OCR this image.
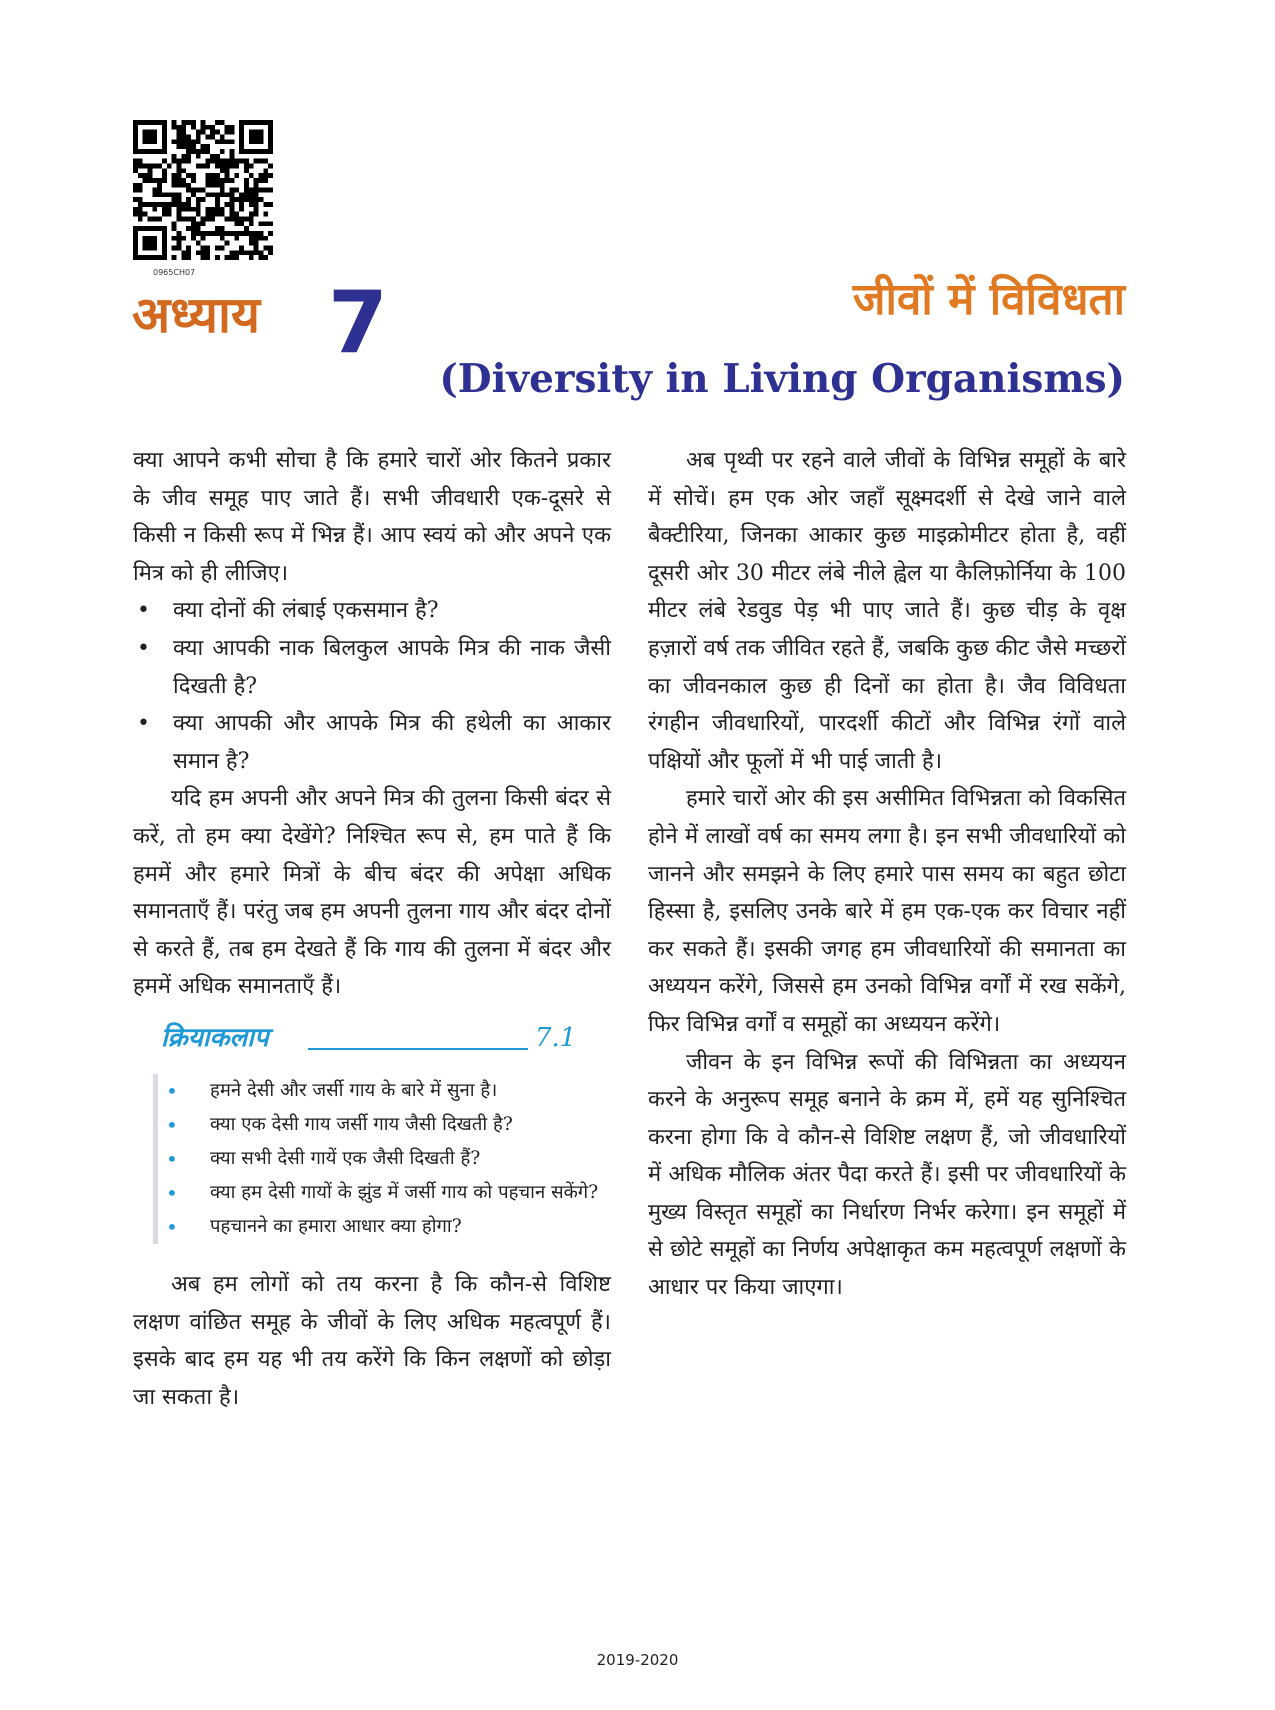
0965CH07
अध्याय 7	जीवों में विविधता
(Diversity in Living Organisms)

क्या आपने कभी सोचा है कि हमारे चारों ओर कितने प्रकार के जीव समूह पाए जाते हैं। सभी जीवधारी एक-दूसरे से किसी न किसी रूप में भिन्न हैं। आप स्वयं को और अपने एक मित्र को ही लीजिए।

• क्या दोनों की लंबाई एकसमान है?
• क्या आपकी नाक बिलकुल आपके मित्र की नाक जैसी दिखती है?
• क्या आपकी और आपके मित्र की हथेली का आकार समान है?

यदि हम अपनी और अपने मित्र की तुलना किसी बंदर से करें, तो हम क्या देखेंगे? निश्चित रूप से, हम पाते हैं कि हममें और हमारे मित्रों के बीच बंदर की अपेक्षा अधिक समानताएँ हैं। परंतु जब हम अपनी तुलना गाय और बंदर दोनों से करते हैं, तब हम देखते हैं कि गाय की तुलना में बंदर और हममें अधिक समानताएँ हैं।

क्रियाकलाप	7.1
• हमने देसी और जर्सी गाय के बारे में सुना है।
• क्या एक देसी गाय जर्सी गाय जैसी दिखती है?
• क्या सभी देसी गायें एक जैसी दिखती हैं?
• क्या हम देसी गायों के झुंड में जर्सी गाय को पहचान सकेंगे?
• पहचानने का हमारा आधार क्या होगा?

अब हम लोगों को तय करना है कि कौन-से विशिष्ट लक्षण वांछित समूह के जीवों के लिए अधिक महत्वपूर्ण हैं। इसके बाद हम यह भी तय करेंगे कि किन लक्षणों को छोड़ा जा सकता है।

अब पृथ्वी पर रहने वाले जीवों के विभिन्न समूहों के बारे में सोचें। हम एक ओर जहाँ सूक्ष्मदर्शी से देखे जाने वाले बैक्टीरिया, जिनका आकार कुछ माइक्रोमीटर होता है, वहीं दूसरी ओर 30 मीटर लंबे नीले ह्वेल या कैलिफ़ोर्निया के 100 मीटर लंबे रेडवुड पेड़ भी पाए जाते हैं। कुछ चीड़ के वृक्ष हज़ारों वर्ष तक जीवित रहते हैं, जबकि कुछ कीट जैसे मच्छरों का जीवनकाल कुछ ही दिनों का होता है। जैव विविधता रंगहीन जीवधारियों, पारदर्शी कीटों और विभिन्न रंगों वाले पक्षियों और फूलों में भी पाई जाती है।

हमारे चारों ओर की इस असीमित विभिन्नता को विकसित होने में लाखों वर्ष का समय लगा है। इन सभी जीवधारियों को जानने और समझने के लिए हमारे पास समय का बहुत छोटा हिस्सा है, इसलिए उनके बारे में हम एक-एक कर विचार नहीं कर सकते हैं। इसकी जगह हम जीवधारियों की समानता का अध्ययन करेंगे, जिससे हम उनको विभिन्न वर्गों में रख सकेंगे, फिर विभिन्न वर्गों व समूहों का अध्ययन करेंगे।

जीवन के इन विभिन्न रूपों की विभिन्नता का अध्ययन करने के अनुरूप समूह बनाने के क्रम में, हमें यह सुनिश्चित करना होगा कि वे कौन-से विशिष्ट लक्षण हैं, जो जीवधारियों में अधिक मौलिक अंतर पैदा करते हैं। इसी पर जीवधारियों के मुख्य विस्तृत समूहों का निर्धारण निर्भर करेगा। इन समूहों में से छोटे समूहों का निर्णय अपेक्षाकृत कम महत्वपूर्ण लक्षणों के आधार पर किया जाएगा।

2019-2020
